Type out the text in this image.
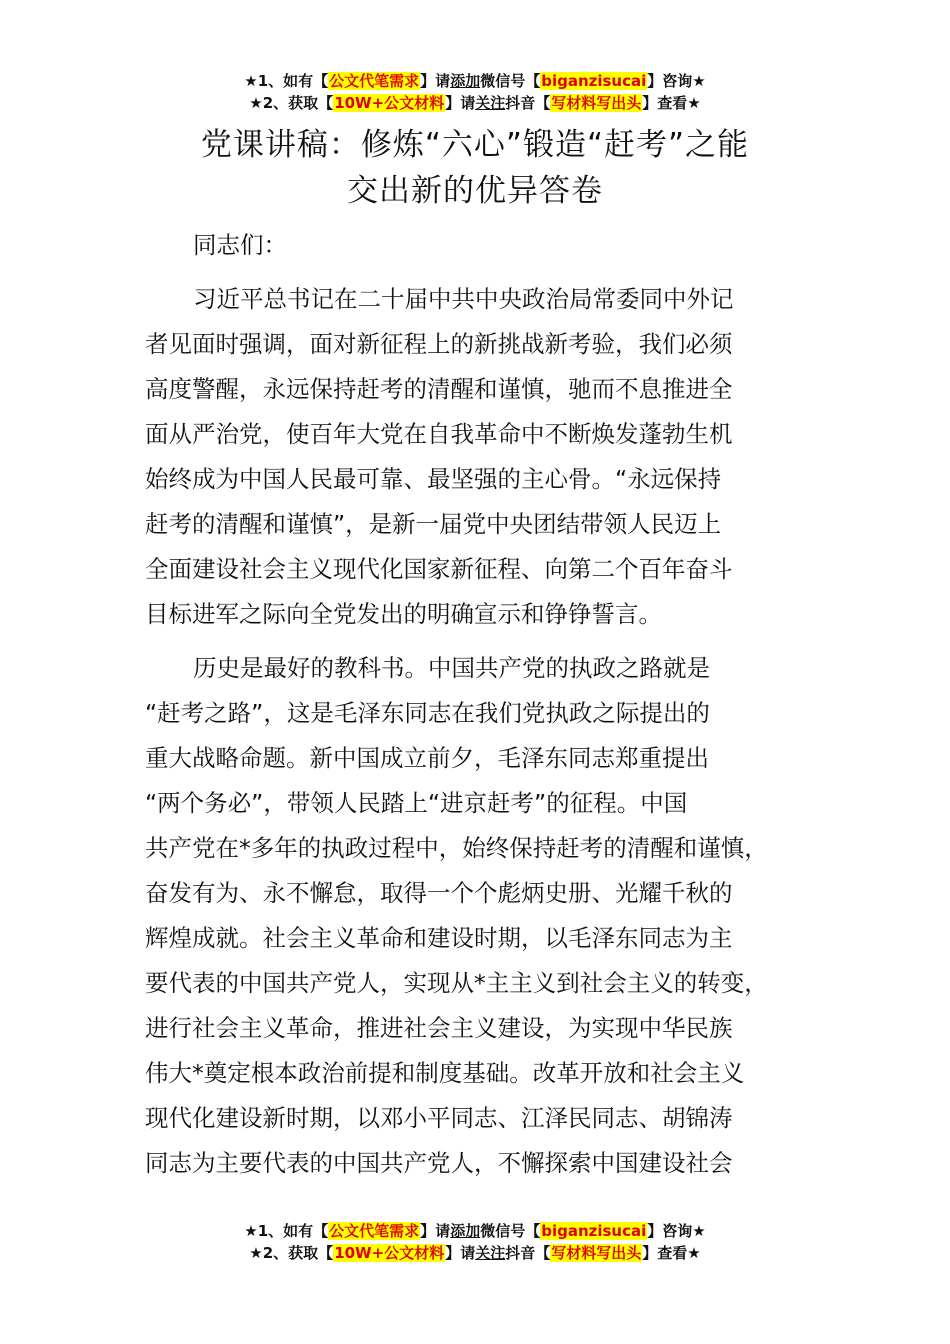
★1、如有【公文代笔需求】请添加微信号【biganzisucai】咨询★
★2、获取【10W+公文材料】请关注抖音【写材料写出头】查看★
党课讲稿：修炼“六心”锻造“赶考”之能
交出新的优异答卷
同志们：
习近平总书记在二十届中共中央政治局常委同中外记
者见面时强调，面对新征程上的新挑战新考验，我们必须
高度警醒，永远保持赶考的清醒和谨慎，驰而不息推进全
面从严治党，使百年大党在自我革命中不断焕发蓬勃生机
始终成为中国人民最可靠、最坚强的主心骨。“永远保持
赶考的清醒和谨慎”，是新一届党中央团结带领人民迈上
全面建设社会主义现代化国家新征程、向第二个百年奋斗
目标进军之际向全党发出的明确宣示和铮铮誓言。
历史是最好的教科书。中国共产党的执政之路就是
“赶考之路”，这是毛泽东同志在我们党执政之际提出的
重大战略命题。新中国成立前夕，毛泽东同志郑重提出
“两个务必”，带领人民踏上“进京赶考”的征程。中国
共产党在*多年的执政过程中，始终保持赶考的清醒和谨慎，
奋发有为、永不懈怠，取得一个个彪炳史册、光耀千秋的
辉煌成就。社会主义革命和建设时期，以毛泽东同志为主
要代表的中国共产党人，实现从*主主义到社会主义的转变，
进行社会主义革命，推进社会主义建设，为实现中华民族
伟大*奠定根本政治前提和制度基础。改革开放和社会主义
现代化建设新时期，以邓小平同志、江泽民同志、胡锦涛
同志为主要代表的中国共产党人，不懈探索中国建设社会
★1、如有【公文代笔需求】请添加微信号【biganzisucai】咨询★
★2、获取【10W+公文材料】请关注抖音【写材料写出头】查看★
